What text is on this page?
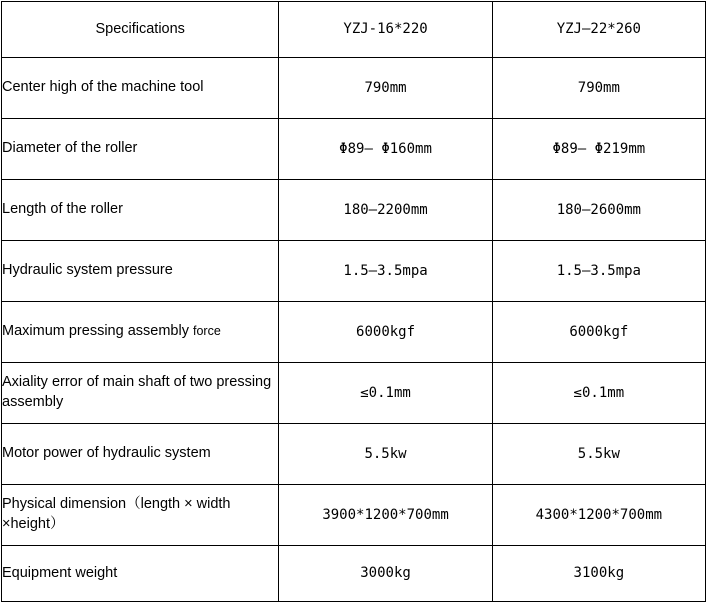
Specifications	YZJ-16*220	YZJ—22*260
Center high of the machine tool	790mm	790mm
Diameter of the roller	Φ89— Φ160mm	Φ89— Φ219mm
Length of the roller	180—2200mm	180—2600mm
Hydraulic system pressure	1.5—3.5mpa	1.5—3.5mpa
Maximum pressing assembly force	6000kgf	6000kgf
Axiality error of main shaft of two pressing assembly	≤0.1mm	≤0.1mm
Motor power of hydraulic system	5.5kw	5.5kw
Physical dimension（length × width ×height）	3900*1200*700mm	4300*1200*700mm
Equipment weight	3000kg	3100kg
